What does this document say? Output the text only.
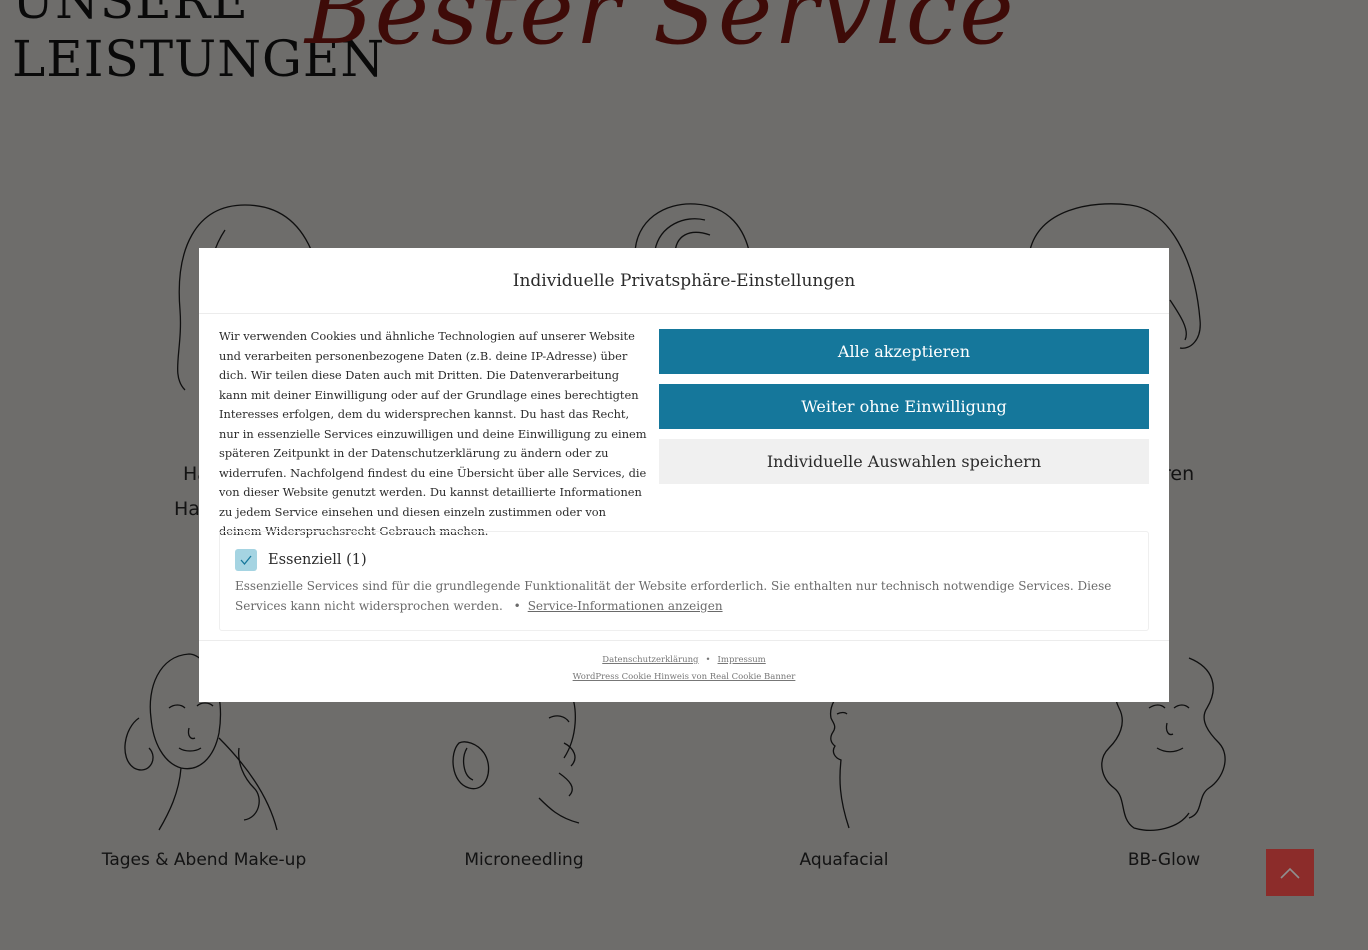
Individuelle Privatsphäre-Einstellungen

Wir verwenden Cookies und ähnliche Technologien auf unserer Website und verarbeiten personenbezogene Daten (z.B. deine IP-Adresse) über dich. Wir teilen diese Daten auch mit Dritten. Die Datenverarbeitung kann mit deiner Einwilligung oder auf der Grundlage eines berechtigten Interesses erfolgen, dem du widersprechen kannst. Du hast das Recht, nur in essenzielle Services einzuwilligen und deine Einwilligung zu einem späteren Zeitpunkt in der Datenschutzerklärung zu ändern oder zu widerrufen. Nachfolgend findest du eine Übersicht über alle Services, die von dieser Website genutzt werden. Du kannst detaillierte Informationen zu jedem Service einsehen und diesen einzeln zustimmen oder von deinem Widerspruchsrecht Gebrauch machen.

Alle akzeptieren
Weiter ohne Einwilligung
Individuelle Auswahlen speichern
Essenziell (1)

Essenzielle Services sind für die grundlegende Funktionalität der Website erforderlich. Sie enthalten nur technisch notwendige Services. Diese Services kann nicht widersprochen werden. • Service-Informationen anzeigen

Datenschutzerklärung • Impressum
WordPress Cookie Hinweis von Real Cookie Banner
